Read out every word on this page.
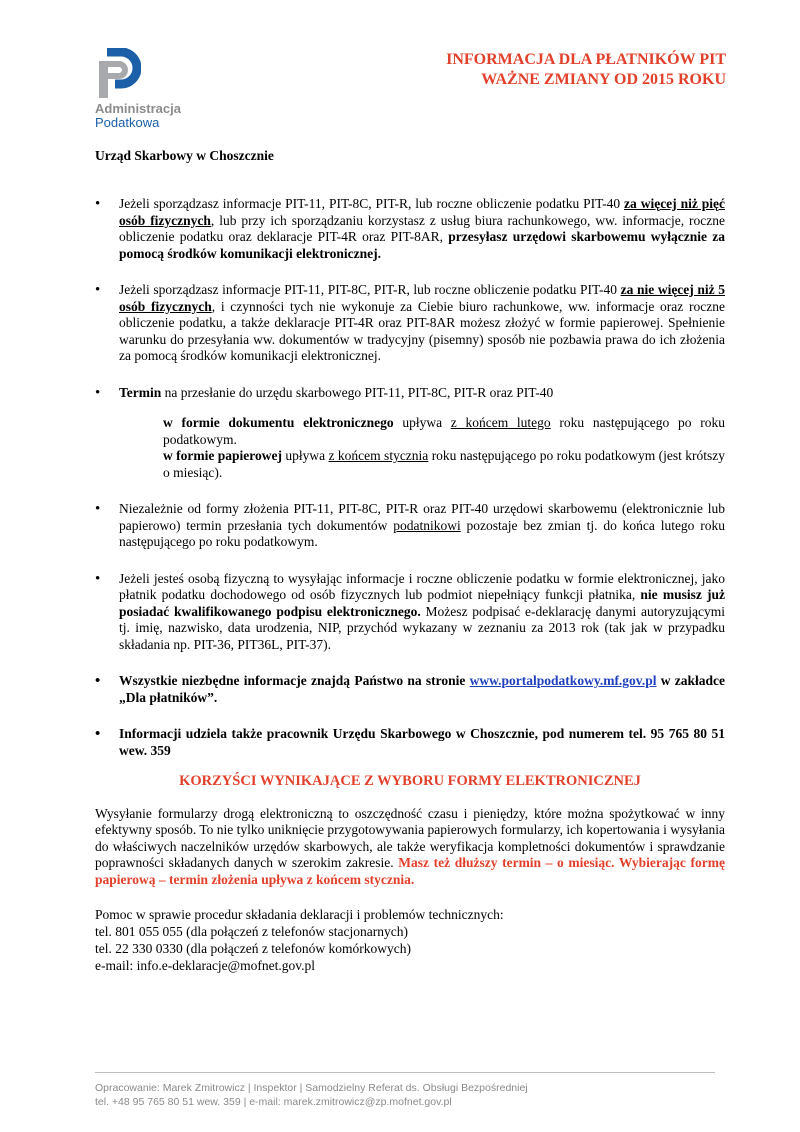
Administracja
Podatkowa
INFORMACJA DLA PŁATNIKÓW PIT
WAŻNE ZMIANY OD 2015 ROKU
Urząd Skarbowy w Choszcznie
• Jeżeli sporządzasz informacje PIT-11, PIT-8C, PIT-R, lub roczne obliczenie podatku PIT-40 za więcej niż pięć osób fizycznych, lub przy ich sporządzaniu korzystasz z usług biura rachunkowego, ww. informacje, roczne obliczenie podatku oraz deklaracje PIT-4R oraz PIT-8AR, przesyłasz urzędowi skarbowemu wyłącznie za pomocą środków komunikacji elektronicznej.
• Jeżeli sporządzasz informacje PIT-11, PIT-8C, PIT-R, lub roczne obliczenie podatku PIT-40 za nie więcej niż 5 osób fizycznych, i czynności tych nie wykonuje za Ciebie biuro rachunkowe, ww. informacje oraz roczne obliczenie podatku, a także deklaracje PIT-4R oraz PIT-8AR możesz złożyć w formie papierowej. Spełnienie warunku do przesyłania ww. dokumentów w tradycyjny (pisemny) sposób nie pozbawia prawa do ich złożenia za pomocą środków komunikacji elektronicznej.
• Termin na przesłanie do urzędu skarbowego PIT-11, PIT-8C, PIT-R oraz PIT-40
w formie dokumentu elektronicznego upływa z końcem lutego roku następującego po roku podatkowym.
w formie papierowej upływa z końcem stycznia roku następującego po roku podatkowym (jest krótszy o miesiąc).
• Niezależnie od formy złożenia PIT-11, PIT-8C, PIT-R oraz PIT-40 urzędowi skarbowemu (elektronicznie lub papierowo) termin przesłania tych dokumentów podatnikowi pozostaje bez zmian tj. do końca lutego roku następującego po roku podatkowym.
• Jeżeli jesteś osobą fizyczną to wysyłając informacje i roczne obliczenie podatku w formie elektronicznej, jako płatnik podatku dochodowego od osób fizycznych lub podmiot niepełniący funkcji płatnika, nie musisz już posiadać kwalifikowanego podpisu elektronicznego. Możesz podpisać e-deklarację danymi autoryzującymi tj. imię, nazwisko, data urodzenia, NIP, przychód wykazany w zeznaniu za 2013 rok (tak jak w przypadku składania np. PIT-36, PIT36L, PIT-37).
• Wszystkie niezbędne informacje znajdą Państwo na stronie www.portalpodatkowy.mf.gov.pl w zakładce „Dla płatników”.
• Informacji udziela także pracownik Urzędu Skarbowego w Choszcznie, pod numerem tel. 95 765 80 51 wew. 359
KORZYŚCI WYNIKAJĄCE Z WYBORU FORMY ELEKTRONICZNEJ
Wysyłanie formularzy drogą elektroniczną to oszczędność czasu i pieniędzy, które można spożytkować w inny efektywny sposób. To nie tylko uniknięcie przygotowywania papierowych formularzy, ich kopertowania i wysyłania do właściwych naczelników urzędów skarbowych, ale także weryfikacja kompletności dokumentów i sprawdzanie poprawności składanych danych w szerokim zakresie. Masz też dłuższy termin – o miesiąc. Wybierając formę papierową – termin złożenia upływa z końcem stycznia.
Pomoc w sprawie procedur składania deklaracji i problemów technicznych:
tel. 801 055 055 (dla połączeń z telefonów stacjonarnych)
tel. 22 330 0330 (dla połączeń z telefonów komórkowych)
e-mail: info.e-deklaracje@mofnet.gov.pl
Opracowanie: Marek Zmitrowicz | Inspektor | Samodzielny Referat ds. Obsługi Bezpośredniej
tel. +48 95 765 80 51 wew. 359 | e-mail: marek.zmitrowicz@zp.mofnet.gov.pl
